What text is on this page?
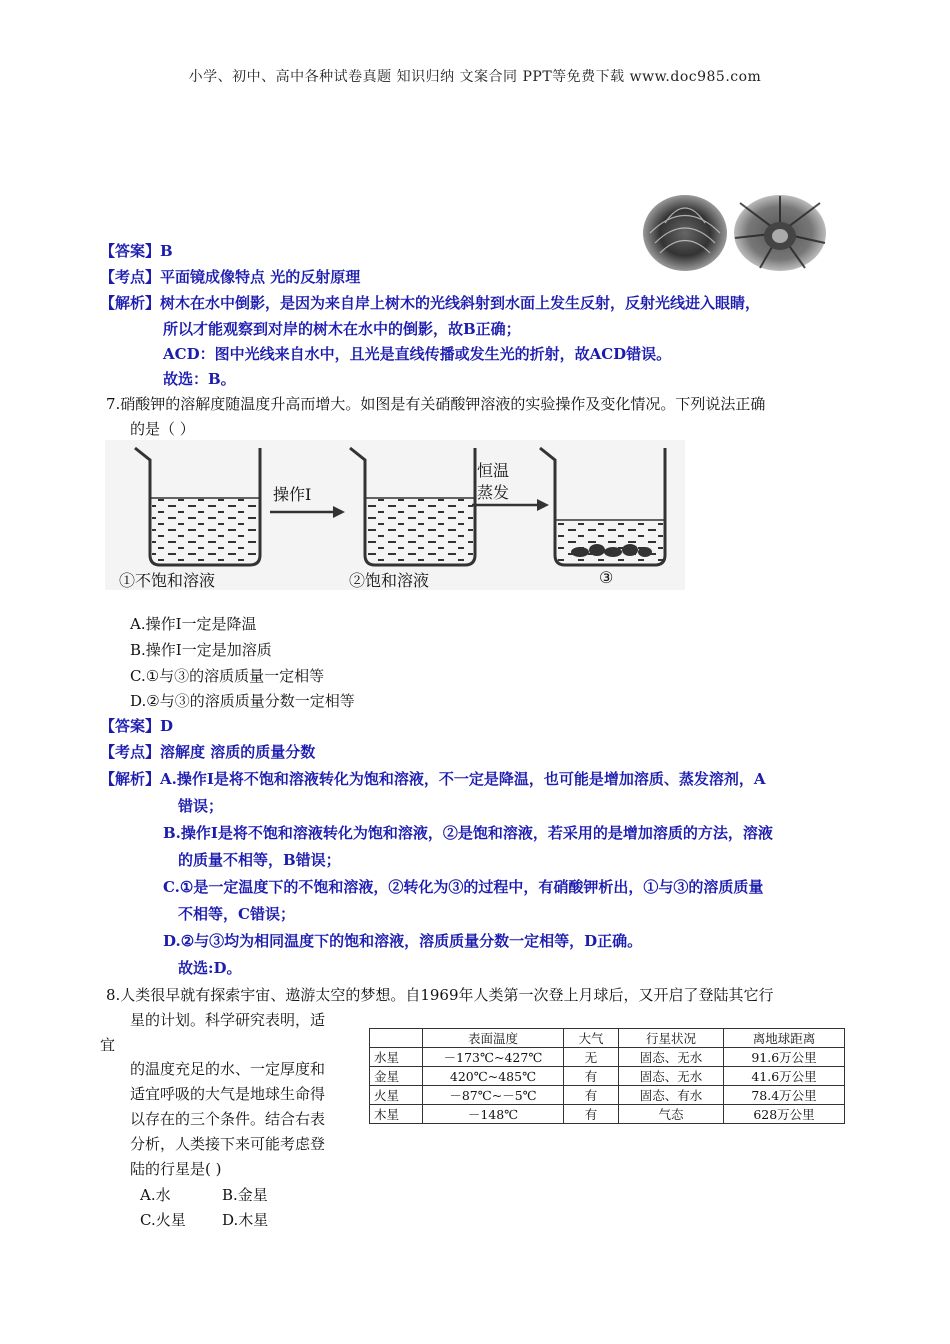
小学、初中、高中各种试卷真题 知识归纳 文案合同 PPT等免费下载 www.doc985.com
【答案】B
【考点】平面镜成像特点 光的反射原理
【解析】树木在水中倒影，是因为来自岸上树木的光线斜射到水面上发生反射，反射光线进入眼睛，
所以才能观察到对岸的树木在水中的倒影，故B正确；
ACD：图中光线来自水中，且光是直线传播或发生光的折射，故ACD错误。
故选：B。
7.硝酸钾的溶解度随温度升高而增大。如图是有关硝酸钾溶液的实验操作及变化情况。下列说法正确
的是（ ）
操作Ⅰ
恒温
蒸发
①不饱和溶液	②饱和溶液	③
A.操作Ⅰ一定是降温
B.操作Ⅰ一定是加溶质
C.①与③的溶质质量一定相等
D.②与③的溶质质量分数一定相等
【答案】D
【考点】溶解度 溶质的质量分数
【解析】A.操作Ⅰ是将不饱和溶液转化为饱和溶液，不一定是降温，也可能是增加溶质、蒸发溶剂，A
错误；
B.操作Ⅰ是将不饱和溶液转化为饱和溶液，②是饱和溶液，若采用的是增加溶质的方法，溶液
的质量不相等，B错误；
C.①是一定温度下的不饱和溶液，②转化为③的过程中，有硝酸钾析出，①与③的溶质质量
不相等，C错误；
D.②与③均为相同温度下的饱和溶液，溶质质量分数一定相等，D正确。
故选:D。
8.人类很早就有探索宇宙、遨游太空的梦想。自1969年人类第一次登上月球后，又开启了登陆其它行
星的计划。科学研究表明，适
宜
的温度充足的水、一定厚度和
适宜呼吸的大气是地球生命得
以存在的三个条件。结合右表
分析，人类接下来可能考虑登
陆的行星是( )
A.水	B.金星
C.火星 D.木星
	表面温度	大气	行星状况	离地球距离
水星	－173℃~427℃	无	固态、无水	91.6万公里
金星	420℃~485℃	有	固态、无水	41.6万公里
火星	－87℃~－5℃	有	固态、有水	78.4万公里
木星	－148℃	有	气态	628万公里
